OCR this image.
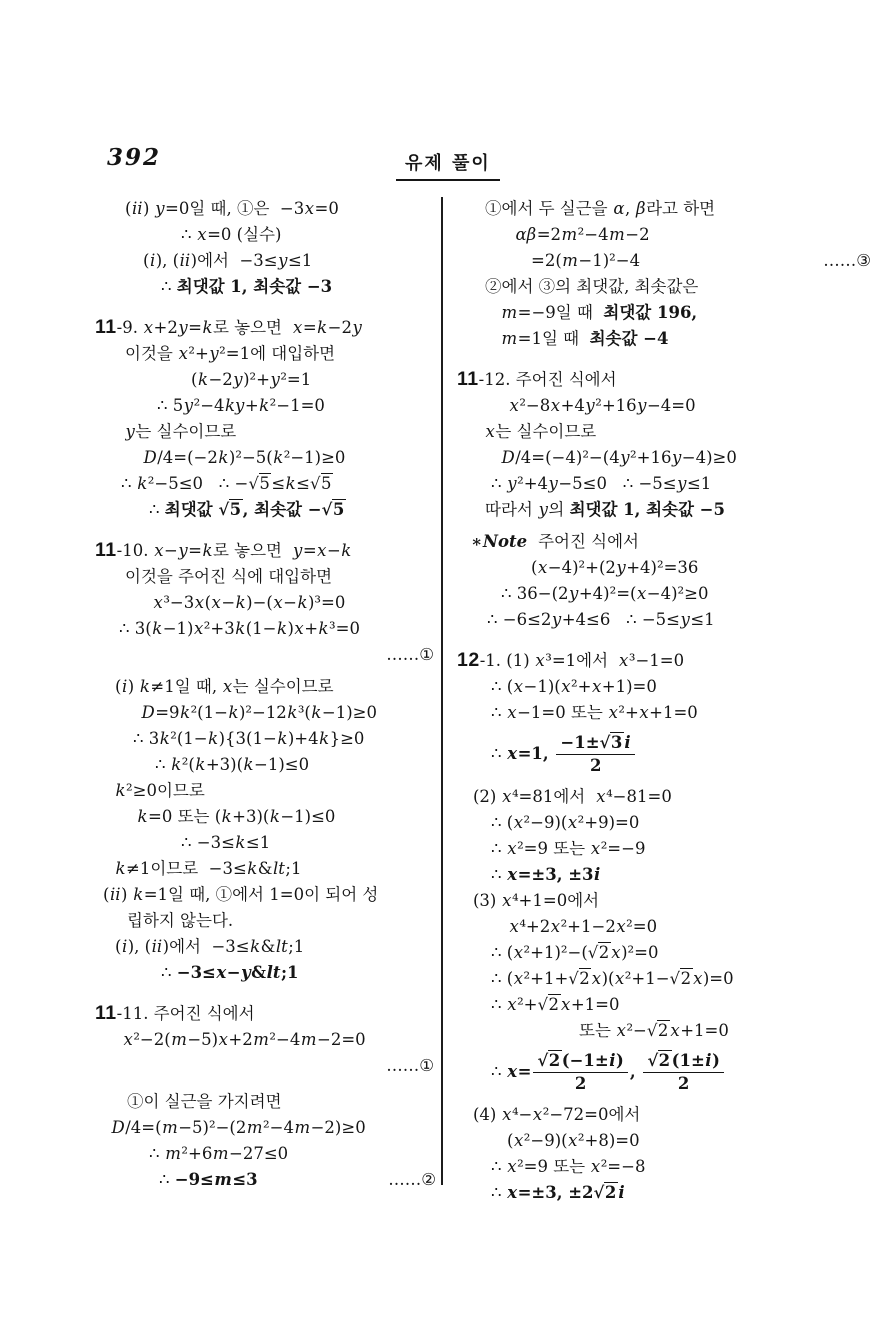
392	유제 풀이
(ii) y=0일 때, ①은  −3x=0
∴ x=0 (실수)
(i), (ii)에서  −3≤y≤1
∴ 최댓값 1, 최솟값 −3
11-9. x+2y=k로 놓으면  x=k−2y
이것을 x²+y²=1에 대입하면
(k−2y)²+y²=1
∴ 5y²−4ky+k²−1=0
y는 실수이므로
D/4=(−2k)²−5(k²−1)≥0
∴ k²−5≤0   ∴ −√5≤k≤√5
∴ 최댓값 √5, 최솟값 −√5
11-10. x−y=k로 놓으면  y=x−k
이것을 주어진 식에 대입하면
x³−3x(x−k)−(x−k)³=0
∴ 3(k−1)x²+3k(1−k)x+k³=0
……①
(i) k≠1일 때, x는 실수이므로
D=9k²(1−k)²−12k³(k−1)≥0
∴ 3k²(1−k){3(1−k)+4k}≥0
∴ k²(k+3)(k−1)≤0
k²≥0이므로
k=0 또는 (k+3)(k−1)≤0
∴ −3≤k≤1
k≠1이므로  −3≤k&lt;1
(ii) k=1일 때, ①에서 1=0이 되어 성
립하지 않는다.
(i), (ii)에서  −3≤k&lt;1
∴ −3≤x−y&lt;1
11-11. 주어진 식에서
x²−2(m−5)x+2m²−4m−2=0
……①
①이 실근을 가지려면
D/4=(m−5)²−(2m²−4m−2)≥0
∴ m²+6m−27≤0
∴ −9≤m≤3	……②
①에서 두 실근을 α, β라고 하면
αβ=2m²−4m−2
=2(m−1)²−4	……③
②에서 ③의 최댓값, 최솟값은
m=−9일 때  최댓값 196,
m=1일 때  최솟값 −4
11-12. 주어진 식에서
x²−8x+4y²+16y−4=0
x는 실수이므로
D/4=(−4)²−(4y²+16y−4)≥0
∴ y²+4y−5≤0   ∴ −5≤y≤1
따라서 y의 최댓값 1, 최솟값 −5
∗Note  주어진 식에서
(x−4)²+(2y+4)²=36
∴ 36−(2y+4)²=(x−4)²≥0
∴ −6≤2y+4≤6   ∴ −5≤y≤1
12-1. (1) x³=1에서  x³−1=0
∴ (x−1)(x²+x+1)=0
∴ x−1=0 또는 x²+x+1=0
∴ x=1, $\frac{-1\pm√3 i}{2}$
(2) x⁴=81에서  x⁴−81=0
∴ (x²−9)(x²+9)=0
∴ x²=9 또는 x²=−9
∴ x=±3, ±3i
(3) x⁴+1=0에서
x⁴+2x²+1−2x²=0
∴ (x²+1)²−(√2 x)²=0
∴ (x²+1+√2 x)(x²+1−√2 x)=0
∴ x²+√2 x+1=0
또는 x²−√2 x+1=0
∴ $x= \frac{√2(-1\pm i)}{2}$ , $\frac{√2(1\pm i)}{2}$
(4) x⁴−x²−72=0에서
(x²−9)(x²+8)=0
∴ x²=9 또는 x²=−8
∴ x=±3, ±2√2 i
